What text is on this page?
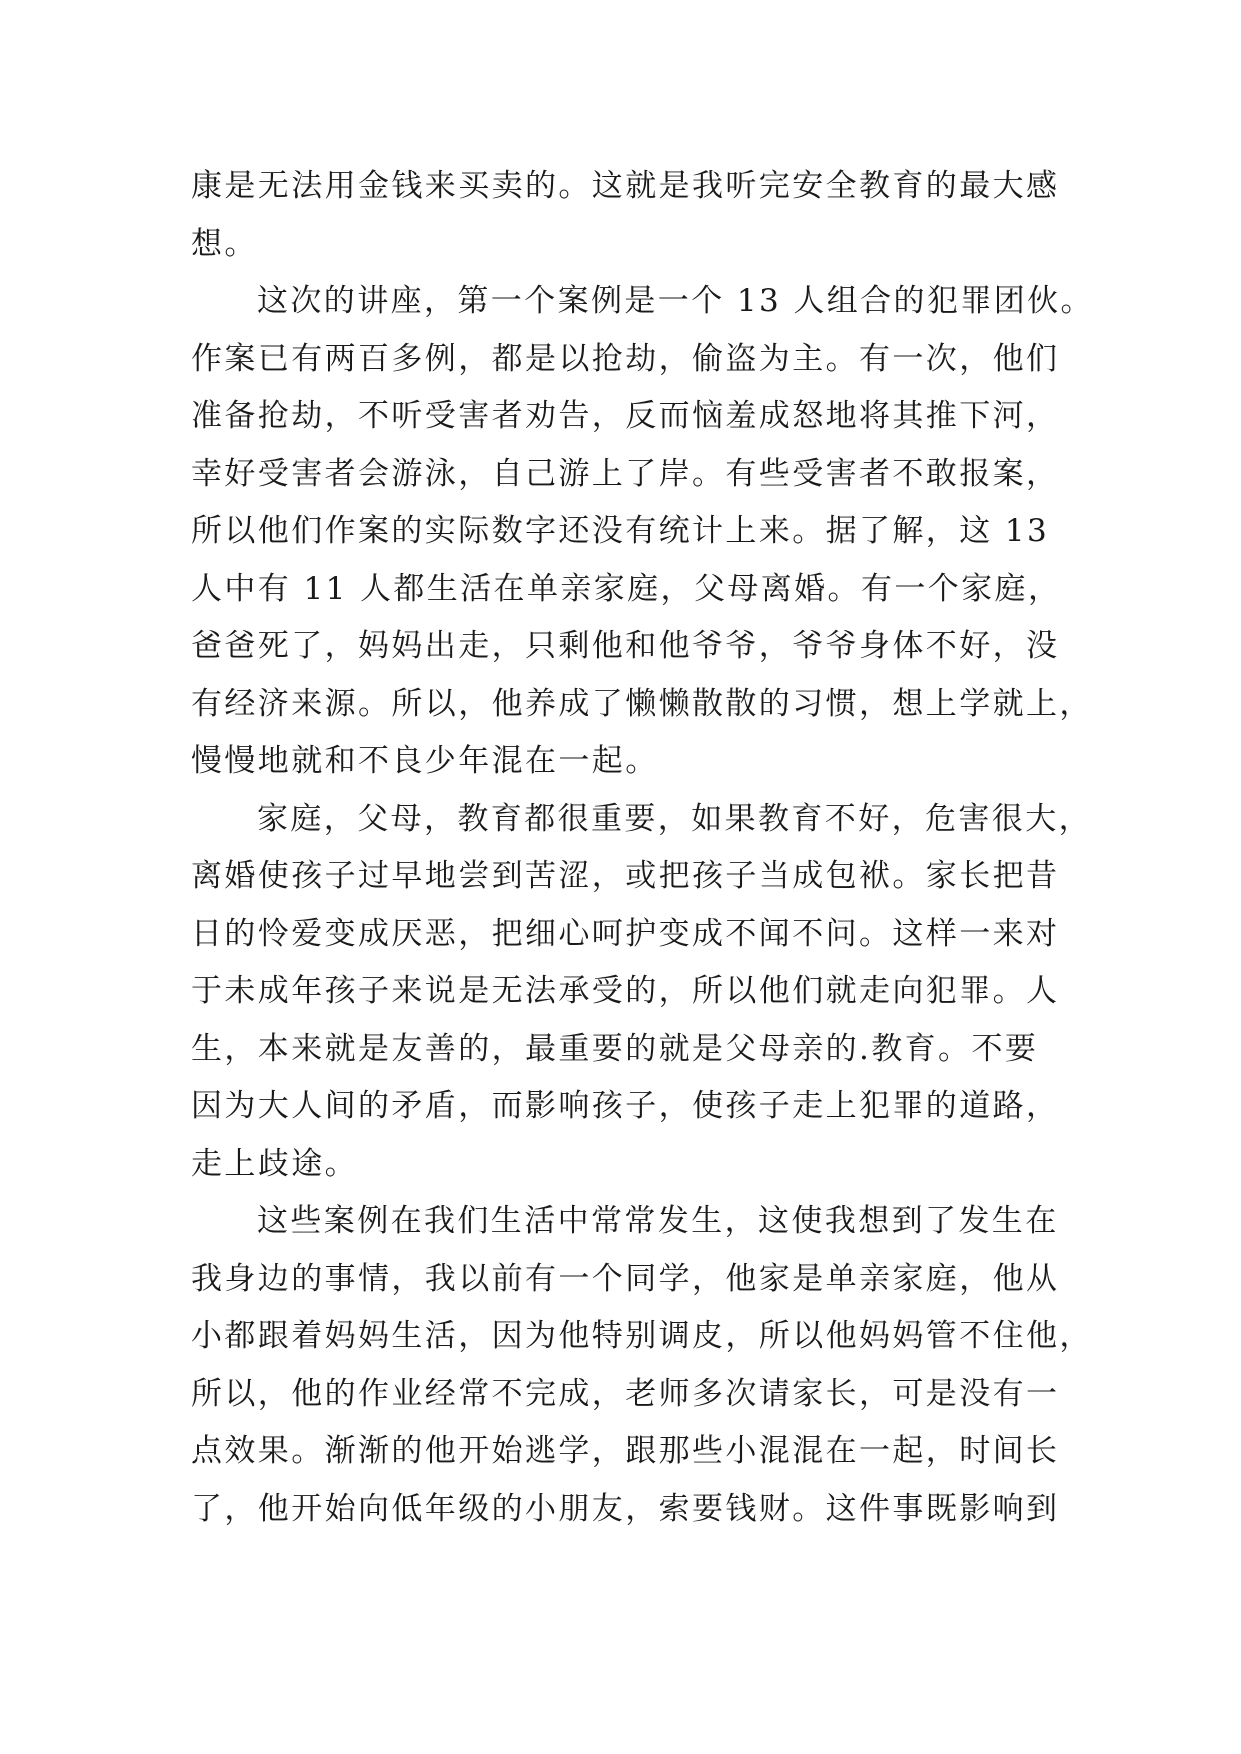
康是无法用金钱来买卖的。这就是我听完安全教育的最大感
想。
这次的讲座，第一个案例是一个 13 人组合的犯罪团伙。
作案已有两百多例，都是以抢劫，偷盗为主。有一次，他们
准备抢劫，不听受害者劝告，反而恼羞成怒地将其推下河，
幸好受害者会游泳，自己游上了岸。有些受害者不敢报案，
所以他们作案的实际数字还没有统计上来。据了解，这 13
人中有 11 人都生活在单亲家庭，父母离婚。有一个家庭，
爸爸死了，妈妈出走，只剩他和他爷爷，爷爷身体不好，没
有经济来源。所以，他养成了懒懒散散的习惯，想上学就上，
慢慢地就和不良少年混在一起。
家庭，父母，教育都很重要，如果教育不好，危害很大，
离婚使孩子过早地尝到苦涩，或把孩子当成包袱。家长把昔
日的怜爱变成厌恶，把细心呵护变成不闻不问。这样一来对
于未成年孩子来说是无法承受的，所以他们就走向犯罪。人
生，本来就是友善的，最重要的就是父母亲的.教育。不要
因为大人间的矛盾，而影响孩子，使孩子走上犯罪的道路，
走上歧途。
这些案例在我们生活中常常发生，这使我想到了发生在
我身边的事情，我以前有一个同学，他家是单亲家庭，他从
小都跟着妈妈生活，因为他特别调皮，所以他妈妈管不住他，
所以，他的作业经常不完成，老师多次请家长，可是没有一
点效果。渐渐的他开始逃学，跟那些小混混在一起，时间长
了，他开始向低年级的小朋友，索要钱财。这件事既影响到
